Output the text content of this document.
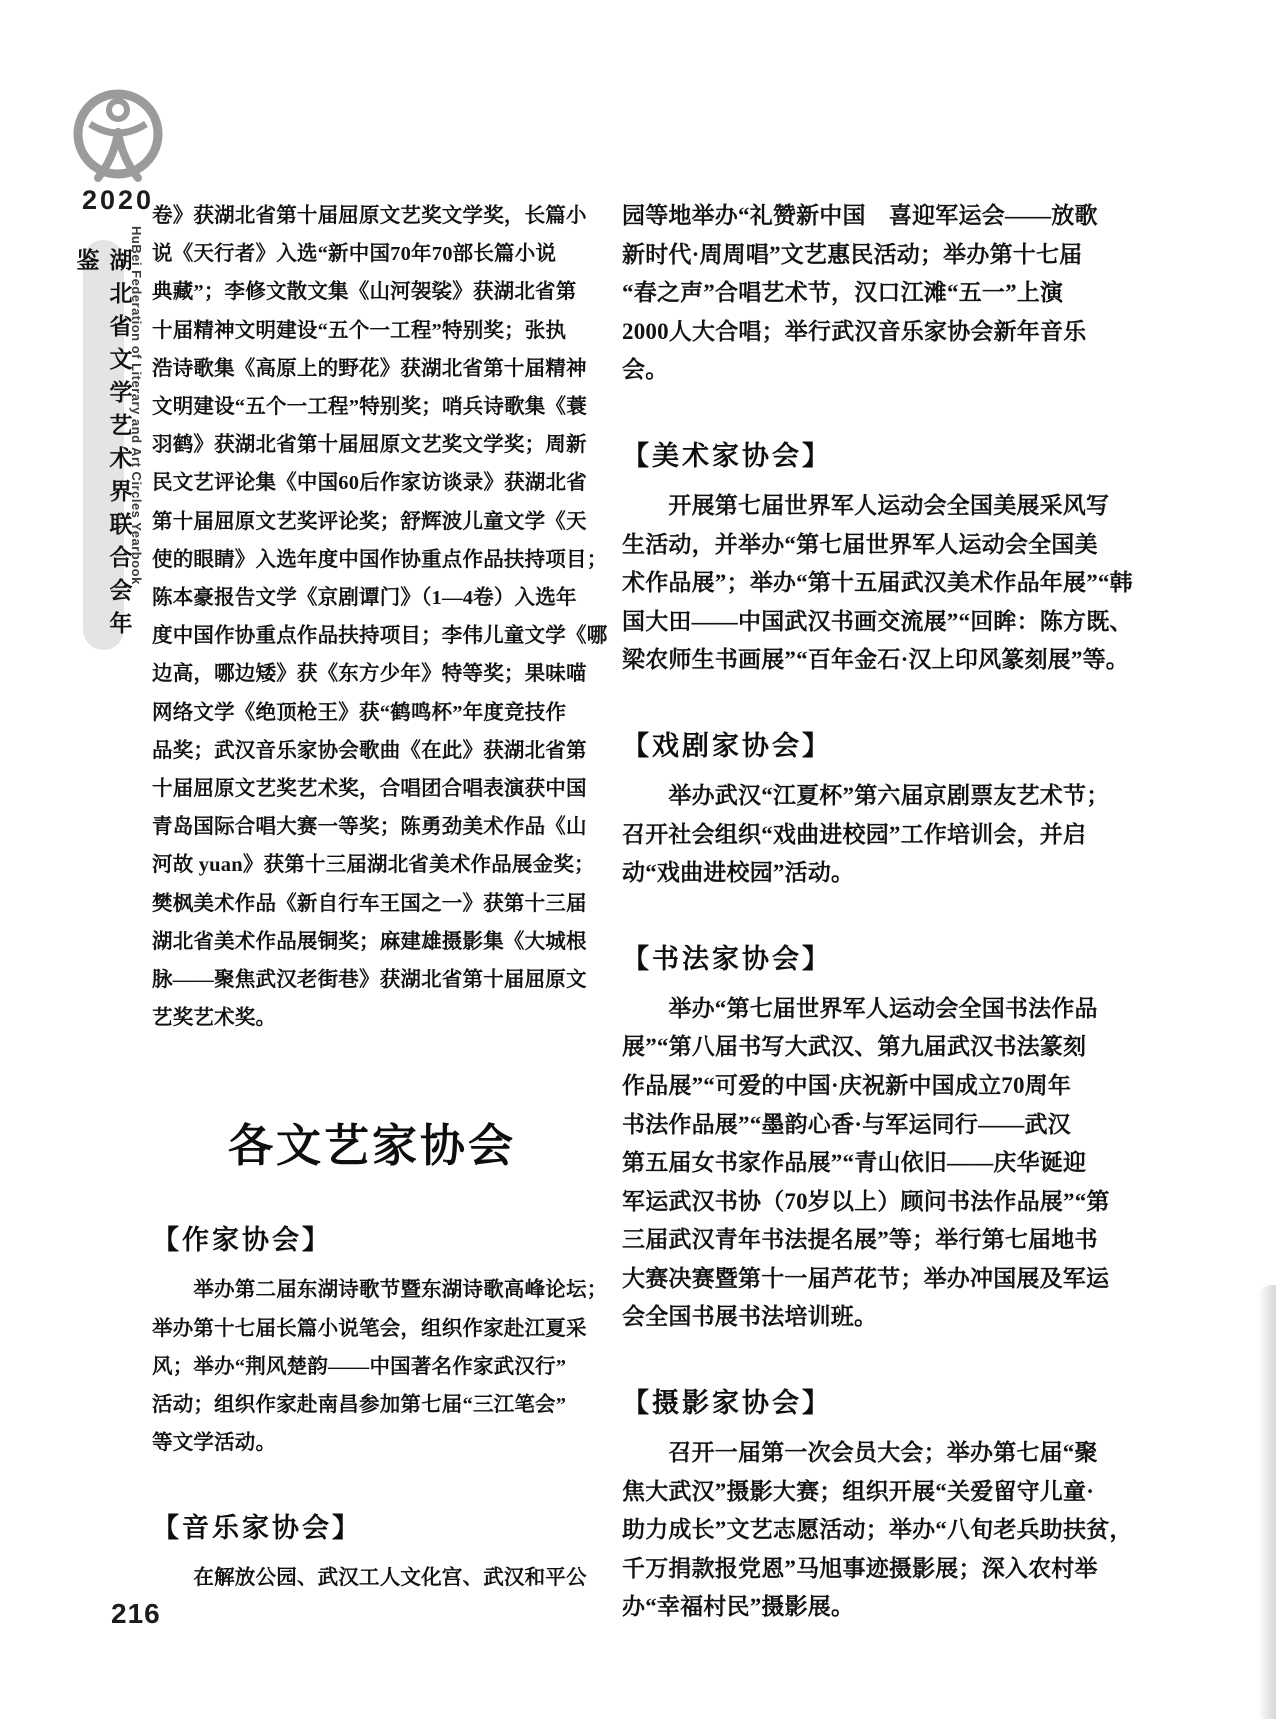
2020
湖北省文学艺术界联合会年鉴	HuBei Federation of Literary and Art Circles Yearbook
卷》获湖北省第十届屈原文艺奖文学奖，长篇小
说《天行者》入选“新中国70年70部长篇小说
典藏”；李修文散文集《山河袈裟》获湖北省第
十届精神文明建设“五个一工程”特别奖；张执
浩诗歌集《高原上的野花》获湖北省第十届精神
文明建设“五个一工程”特别奖；哨兵诗歌集《蓑
羽鹤》获湖北省第十届屈原文艺奖文学奖；周新
民文艺评论集《中国60后作家访谈录》获湖北省
第十届屈原文艺奖评论奖；舒辉波儿童文学《天
使的眼睛》入选年度中国作协重点作品扶持项目；
陈本豪报告文学《京剧谭门》（1—4卷）入选年
度中国作协重点作品扶持项目；李伟儿童文学《哪
边高，哪边矮》获《东方少年》特等奖；果味喵
网络文学《绝顶枪王》获“鹤鸣杯”年度竞技作
品奖；武汉音乐家协会歌曲《在此》获湖北省第
十届屈原文艺奖艺术奖，合唱团合唱表演获中国
青岛国际合唱大赛一等奖；陈勇劲美术作品《山
河故 yuan》获第十三届湖北省美术作品展金奖；
樊枫美术作品《新自行车王国之一》获第十三届
湖北省美术作品展铜奖；麻建雄摄影集《大城根
脉——聚焦武汉老街巷》获湖北省第十届屈原文
艺奖艺术奖。
各文艺家协会
【作家协会】
　　举办第二届东湖诗歌节暨东湖诗歌高峰论坛；
举办第十七届长篇小说笔会，组织作家赴江夏采
风；举办“荆风楚韵——中国著名作家武汉行”
活动；组织作家赴南昌参加第七届“三江笔会”
等文学活动。
【音乐家协会】
　　在解放公园、武汉工人文化宫、武汉和平公
园等地举办“礼赞新中国　喜迎军运会——放歌
新时代·周周唱”文艺惠民活动；举办第十七届
“春之声”合唱艺术节，汉口江滩“五一”上演
2000人大合唱；举行武汉音乐家协会新年音乐
会。
【美术家协会】
　　开展第七届世界军人运动会全国美展采风写
生活动，并举办“第七届世界军人运动会全国美
术作品展”；举办“第十五届武汉美术作品年展”“韩
国大田——中国武汉书画交流展”“回眸：陈方既、
梁农师生书画展”“百年金石·汉上印风篆刻展”等。
【戏剧家协会】
　　举办武汉“江夏杯”第六届京剧票友艺术节；
召开社会组织“戏曲进校园”工作培训会，并启
动“戏曲进校园”活动。
【书法家协会】
　　举办“第七届世界军人运动会全国书法作品
展”“第八届书写大武汉、第九届武汉书法篆刻
作品展”“可爱的中国·庆祝新中国成立70周年
书法作品展”“墨韵心香·与军运同行——武汉
第五届女书家作品展”“青山依旧——庆华诞迎
军运武汉书协（70岁以上）顾问书法作品展”“第
三届武汉青年书法提名展”等；举行第七届地书
大赛决赛暨第十一届芦花节；举办冲国展及军运
会全国书展书法培训班。
【摄影家协会】
　　召开一届第一次会员大会；举办第七届“聚
焦大武汉”摄影大赛；组织开展“关爱留守儿童·
助力成长”文艺志愿活动；举办“八旬老兵助扶贫，
千万捐款报党恩”马旭事迹摄影展；深入农村举
办“幸福村民”摄影展。
216
